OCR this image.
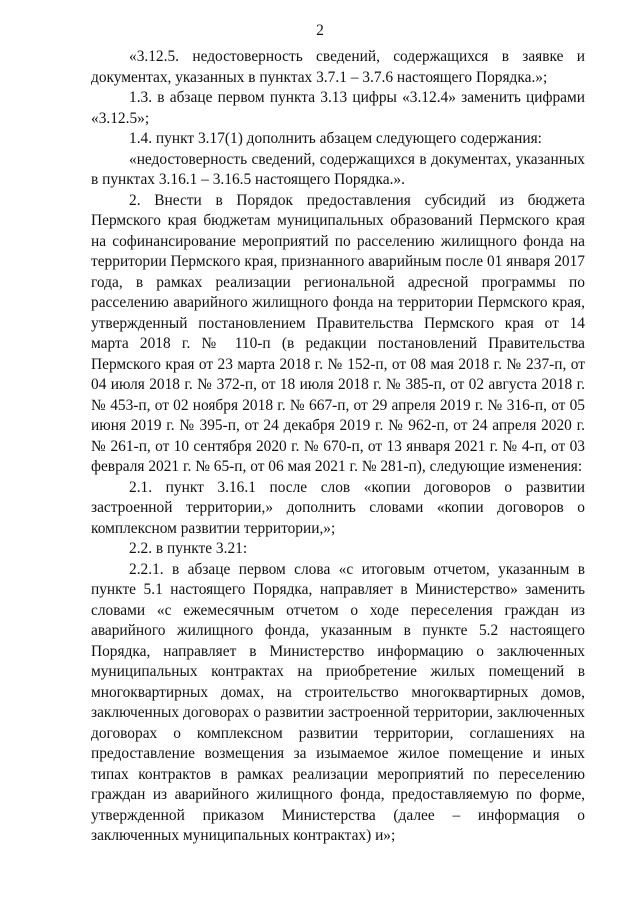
2

«3.12.5. недостоверность сведений, содержащихся в заявке и документах, указанных в пунктах 3.7.1 – 3.7.6 настоящего Порядка.»;

1.3. в абзаце первом пункта 3.13 цифры «3.12.4» заменить цифрами «3.12.5»;

1.4. пункт 3.17(1) дополнить абзацем следующего содержания:

«недостоверность сведений, содержащихся в документах, указанных в пунктах 3.16.1 – 3.16.5 настоящего Порядка.».

2. Внести в Порядок предоставления субсидий из бюджета Пермского края бюджетам муниципальных образований Пермского края на софинансирование мероприятий по расселению жилищного фонда на территории Пермского края, признанного аварийным после 01 января 2017 года, в рамках реализации региональной адресной программы по расселению аварийного жилищного фонда на территории Пермского края, утвержденный постановлением Правительства Пермского края от 14 марта 2018 г. № 110-п (в редакции постановлений Правительства Пермского края от 23 марта 2018 г. № 152-п, от 08 мая 2018 г. № 237-п, от 04 июля 2018 г. № 372-п, от 18 июля 2018 г. № 385-п, от 02 августа 2018 г. № 453-п, от 02 ноября 2018 г. № 667-п, от 29 апреля 2019 г. № 316-п, от 05 июня 2019 г. № 395-п, от 24 декабря 2019 г. № 962-п, от 24 апреля 2020 г. № 261-п, от 10 сентября 2020 г. № 670-п, от 13 января 2021 г. № 4-п, от 03 февраля 2021 г. № 65-п, от 06 мая 2021 г. № 281-п), следующие изменения:

2.1. пункт 3.16.1 после слов «копии договоров о развитии застроенной территории,» дополнить словами «копии договоров о комплексном развитии территории,»;

2.2. в пункте 3.21:

2.2.1. в абзаце первом слова «с итоговым отчетом, указанным в пункте 5.1 настоящего Порядка, направляет в Министерство» заменить словами «с ежемесячным отчетом о ходе переселения граждан из аварийного жилищного фонда, указанным в пункте 5.2 настоящего Порядка, направляет в Министерство информацию о заключенных муниципальных контрактах на приобретение жилых помещений в многоквартирных домах, на строительство многоквартирных домов, заключенных договорах о развитии застроенной территории, заключенных договорах о комплексном развитии территории, соглашениях на предоставление возмещения за изымаемое жилое помещение и иных типах контрактов в рамках реализации мероприятий по переселению граждан из аварийного жилищного фонда, предоставляемую по форме, утвержденной приказом Министерства (далее – информация о заключенных муниципальных контрактах) и»;
